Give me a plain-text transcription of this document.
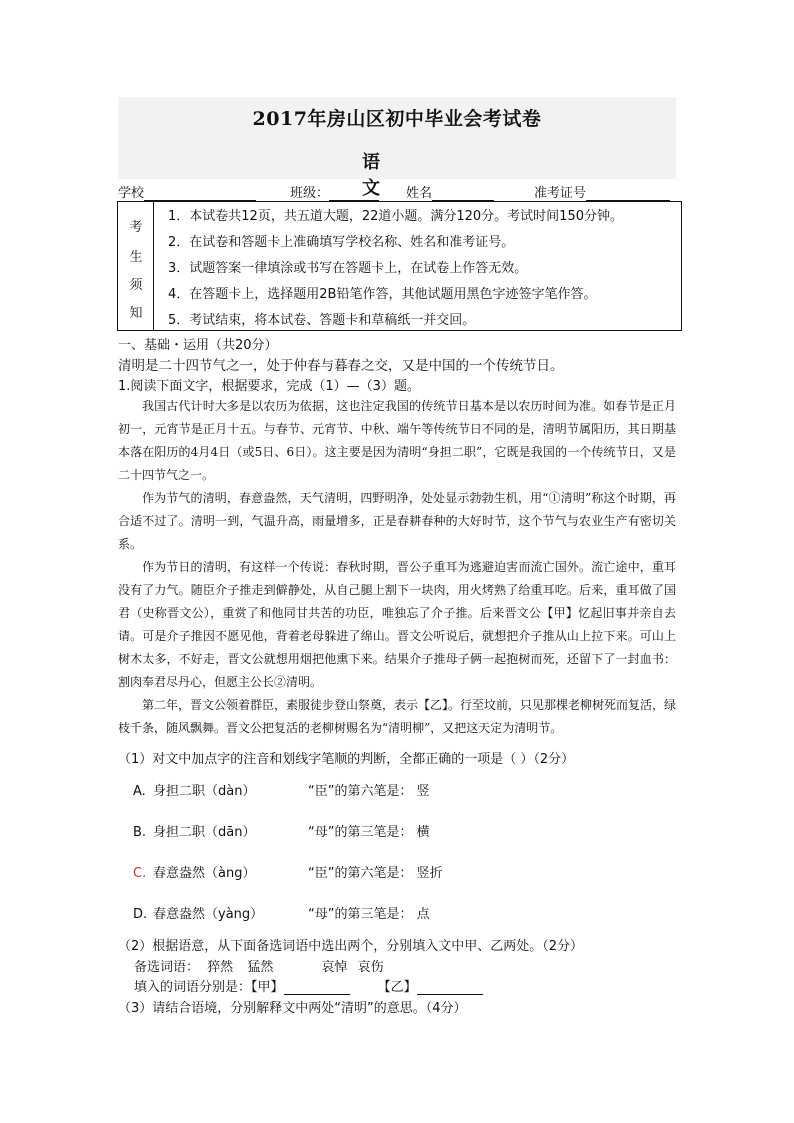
2017年房山区初中毕业会考试卷
语 文
学校	班级：	姓名	准考证号
考
生
须
知
1．本试卷共12页，共五道大题，22道小题。满分120分。考试时间150分钟。
2．在试卷和答题卡上准确填写学校名称、姓名和准考证号。
3．试题答案一律填涂或书写在答题卡上，在试卷上作答无效。
4．在答题卡上，选择题用2B铅笔作答，其他试题用黑色字迹签字笔作答。
5．考试结束，将本试卷、答题卡和草稿纸一并交回。
一、基础・运用（共20分）
清明是二十四节气之一，处于仲春与暮春之交，又是中国的一个传统节日。
1.阅读下面文字，根据要求，完成（1）—（3）题。

我国古代计时大多是以农历为依据，这也注定我国的传统节日基本是以农历时间为准。如春节是正月初一，元宵节是正月十五。与春节、元宵节、中秋、端午等传统节日不同的是，清明节属阳历，其日期基本落在阳历的4月4日（或5日、6日）。这主要是因为清明“身担二职”，它既是我国的一个传统节日，又是二十四节气之一。

作为节气的清明，春意盎然，天气清明，四野明净，处处显示勃勃生机，用“①清明”称这个时期，再合适不过了。清明一到，气温升高，雨量增多，正是春耕春种的大好时节，这个节气与农业生产有密切关系。

作为节日的清明，有这样一个传说：春秋时期，晋公子重耳为逃避迫害而流亡国外。流亡途中，重耳没有了力气。随臣介子推走到僻静处，从自己腿上割下一块肉，用火烤熟了给重耳吃。后来，重耳做了国君（史称晋文公），重赏了和他同甘共苦的功臣，唯独忘了介子推。后来晋文公【甲】忆起旧事并亲自去请。可是介子推因不愿见他，背着老母躲进了绵山。晋文公听说后，就想把介子推从山上拉下来。可山上树木太多，不好走，晋文公就想用烟把他熏下来。结果介子推母子俩一起抱树而死，还留下了一封血书：割肉奉君尽丹心，但愿主公长②清明。

第二年，晋文公领着群臣，素服徒步登山祭奠，表示【乙】。行至坟前，只见那棵老柳树死而复活，绿枝千条，随风飘舞。晋文公把复活的老柳树赐名为“清明柳”，又把这天定为清明节。

（1）对文中加点字的注音和划线字笔顺的判断，全都正确的一项是（ ）（2分）
A. 身担二职（dàn）	“臣”的第六笔是： 竖
B. 身担二职（dān）	“母”的第三笔是： 横
C. 春意盎然（àng）	“臣”的第六笔是： 竖折
D. 春意盎然（yàng）	“母”的第三笔是： 点
（2）根据语意，从下面备选词语中选出两个，分别填入文中甲、乙两处。（2分）
备选词语： 猝然 猛然	哀悼 哀伤
填入的词语分别是：【甲】	【乙】
（3）请结合语境，分别解释文中两处“清明”的意思。（4分）
